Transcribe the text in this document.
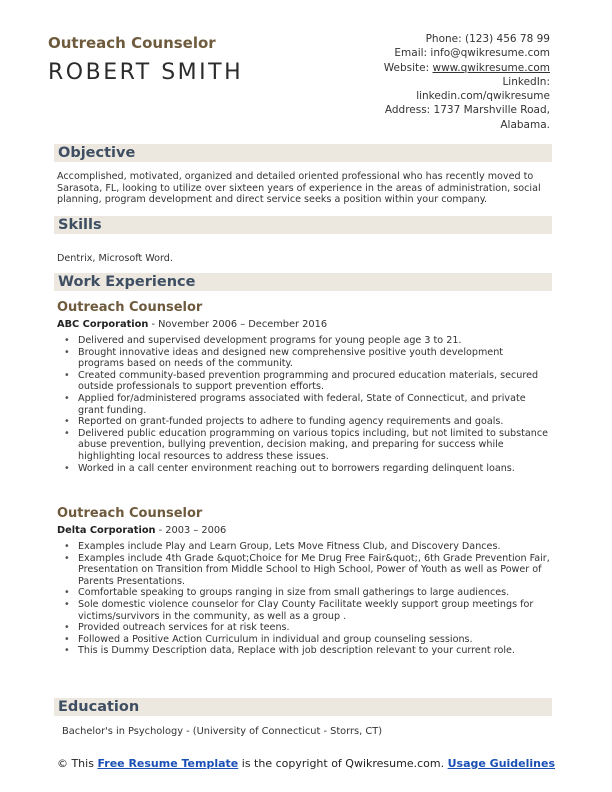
Outreach Counselor
ROBERT SMITH
Phone: (123) 456 78 99
Email: info@qwikresume.com
Website: www.qwikresume.com
LinkedIn:
linkedin.com/qwikresume
Address: 1737 Marshville Road,
Alabama.
Objective
Accomplished, motivated, organized and detailed oriented professional who has recently moved to Sarasota, FL, looking to utilize over sixteen years of experience in the areas of administration, social planning, program development and direct service seeks a position within your company.
Skills
Dentrix, Microsoft Word.
Work Experience
Outreach Counselor
ABC Corporation - November 2006 – December 2016
• Delivered and supervised development programs for young people age 3 to 21.
• Brought innovative ideas and designed new comprehensive positive youth development programs based on needs of the community.
• Created community-based prevention programming and procured education materials, secured outside professionals to support prevention efforts.
• Applied for/administered programs associated with federal, State of Connecticut, and private grant funding.
• Reported on grant-funded projects to adhere to funding agency requirements and goals.
• Delivered public education programming on various topics including, but not limited to substance abuse prevention, bullying prevention, decision making, and preparing for success while highlighting local resources to address these issues.
• Worked in a call center environment reaching out to borrowers regarding delinquent loans.
Outreach Counselor
Delta Corporation - 2003 – 2006
• Examples include Play and Learn Group, Lets Move Fitness Club, and Discovery Dances.
• Examples include 4th Grade &quot;Choice for Me Drug Free Fair&quot;, 6th Grade Prevention Fair, Presentation on Transition from Middle School to High School, Power of Youth as well as Power of Parents Presentations.
• Comfortable speaking to groups ranging in size from small gatherings to large audiences.
• Sole domestic violence counselor for Clay County Facilitate weekly support group meetings for victims/survivors in the community, as well as a group .
• Provided outreach services for at risk teens.
• Followed a Positive Action Curriculum in individual and group counseling sessions.
• This is Dummy Description data, Replace with job description relevant to your current role.
Education
Bachelor's in Psychology - (University of Connecticut - Storrs, CT)
© This Free Resume Template is the copyright of Qwikresume.com. Usage Guidelines
